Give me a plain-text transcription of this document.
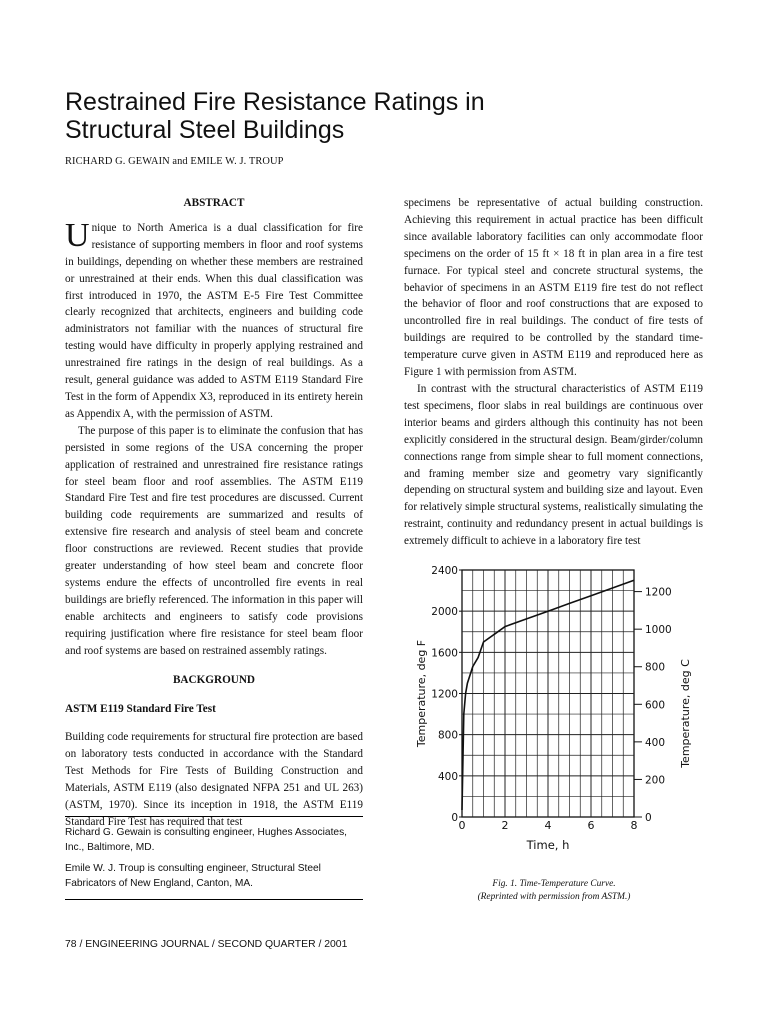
Restrained Fire Resistance Ratings in
Structural Steel Buildings
RICHARD G. GEWAIN and EMILE W. J. TROUP

ABSTRACT

Unique to North America is a dual classification for fire resistance of supporting members in floor and roof systems in buildings, depending on whether these members are restrained or unrestrained at their ends. When this dual classification was first introduced in 1970, the ASTM E-5 Fire Test Committee clearly recognized that architects, engineers and building code administrators not familiar with the nuances of structural fire testing would have difficulty in properly applying restrained and unrestrained fire ratings in the design of real buildings. As a result, general guidance was added to ASTM E119 Standard Fire Test in the form of Appendix X3, reproduced in its entirety herein as Appendix A, with the permission of ASTM.

The purpose of this paper is to eliminate the confusion that has persisted in some regions of the USA concerning the proper application of restrained and unrestrained fire resistance ratings for steel beam floor and roof assemblies. The ASTM E119 Standard Fire Test and fire test procedures are discussed. Current building code requirements are summarized and results of extensive fire research and analysis of steel beam and concrete floor constructions are reviewed. Recent studies that provide greater understanding of how steel beam and concrete floor systems endure the effects of uncontrolled fire events in real buildings are briefly referenced. The information in this paper will enable architects and engineers to satisfy code provisions requiring justification where fire resistance for steel beam floor and roof systems are based on restrained assembly ratings.

BACKGROUND

ASTM E119 Standard Fire Test

Building code requirements for structural fire protection are based on laboratory tests conducted in accordance with the Standard Test Methods for Fire Tests of Building Construction and Materials, ASTM E119 (also designated NFPA 251 and UL 263) (ASTM, 1970). Since its inception in 1918, the ASTM E119 Standard Fire Test has required that test

specimens be representative of actual building construction. Achieving this requirement in actual practice has been difficult since available laboratory facilities can only accommodate floor specimens on the order of 15 ft × 18 ft in plan area in a fire test furnace. For typical steel and concrete structural systems, the behavior of specimens in an ASTM E119 fire test do not reflect the behavior of floor and roof constructions that are exposed to uncontrolled fire in real buildings. The conduct of fire tests of buildings are required to be controlled by the standard time-temperature curve given in ASTM E119 and reproduced here as Figure 1 with permission from ASTM.

In contrast with the structural characteristics of ASTM E119 test specimens, floor slabs in real buildings are continuous over interior beams and girders although this continuity has not been explicitly considered in the structural design. Beam/girder/column connections range from simple shear to full moment connections, and framing member size and geometry vary significantly depending on structural system and building size and layout. Even for relatively simple structural systems, realistically simulating the restraint, continuity and redundancy present in actual buildings is extremely difficult to achieve in a laboratory fire test

Richard G. Gewain is consulting engineer, Hughes Associates, Inc., Baltimore, MD.

Emile W. J. Troup is consulting engineer, Structural Steel Fabricators of New England, Canton, MA.

78 / ENGINEERING JOURNAL / SECOND QUARTER / 2001
0	2	4	6	8
0
400
800
1200
1600
2000
2400
0
200
400
600
800
1000
1200
Time, h
Temperature, deg F	Temperature, deg C
Fig. 1. Time-Temperature Curve.
(Reprinted with permission from ASTM.)
